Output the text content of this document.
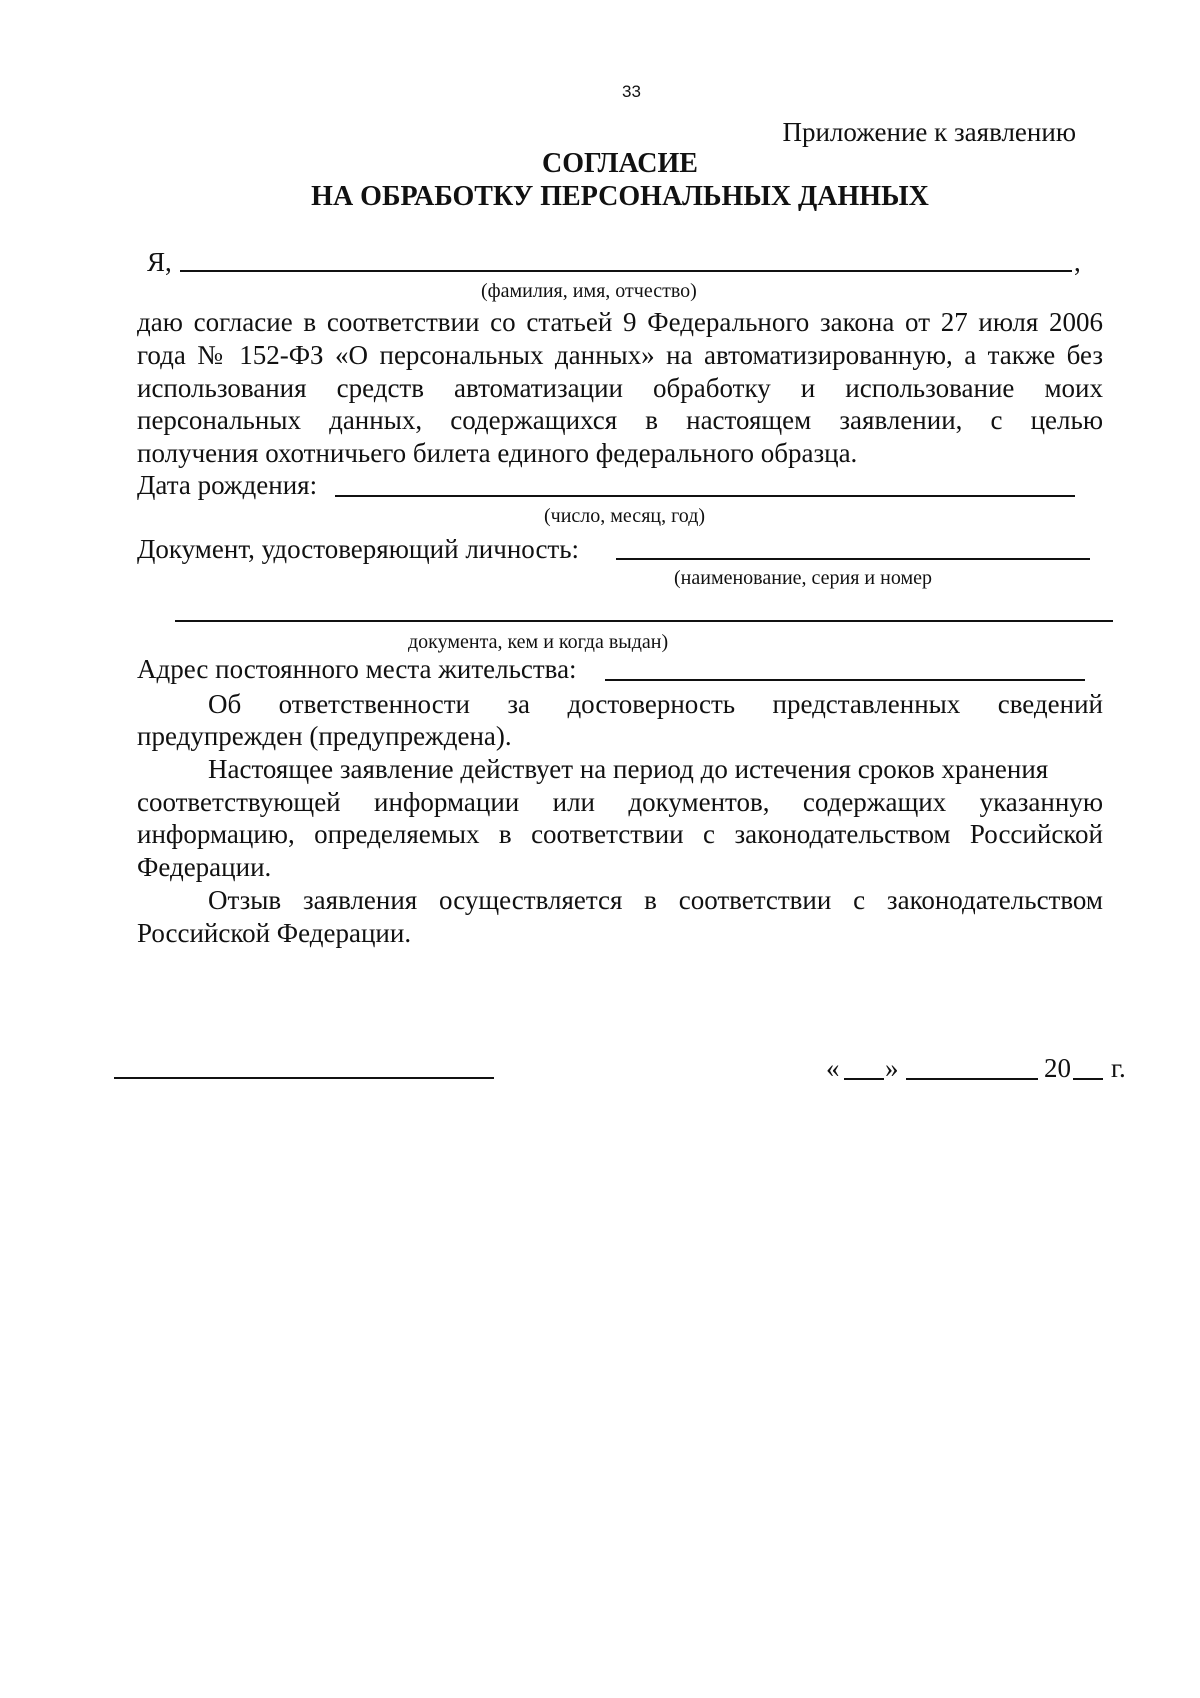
33
Приложение к заявлению
СОГЛАСИЕ
НА ОБРАБОТКУ ПЕРСОНАЛЬНЫХ ДАННЫХ
Я,	,
(фамилия, имя, отчество)
даю согласие в соответствии со статьей 9 Федерального закона от 27 июля 2006
года № 152-ФЗ «О персональных данных» на автоматизированную, а также без
использования средств автоматизации обработку и использование моих
персональных данных, содержащихся в настоящем заявлении, с целью
получения охотничьего билета единого федерального образца.
Дата рождения:
(число, месяц, год)
Документ, удостоверяющий личность:
(наименование, серия и номер
документа, кем и когда выдан)
Адрес постоянного места жительства:
Об ответственности за достоверность представленных сведений
предупрежден (предупреждена).
Настоящее заявление действует на период до истечения сроков хранения
соответствующей информации или документов, содержащих указанную
информацию, определяемых в соответствии с законодательством Российской
Федерации.
Отзыв заявления осуществляется в соответствии с законодательством
Российской Федерации.
« »	20 г.
